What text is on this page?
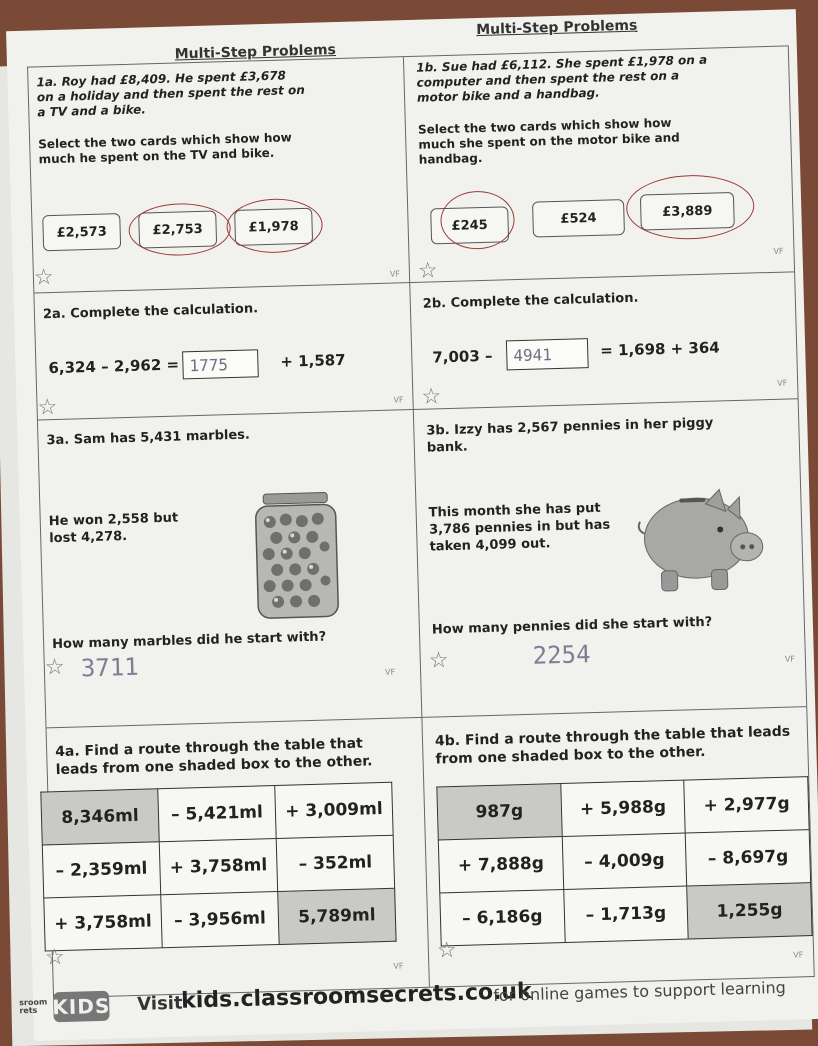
Multi-Step Problems
Multi-Step Problems
1a. Roy had £8,409. He spent £3,678 on a holiday and then spent the rest on a TV and a bike.
Select the two cards which show how much he spent on the TV and bike.
£2,573	£2,753	£1,978
☆	VF
1b. Sue had £6,112. She spent £1,978 on a computer and then spent the rest on a motor bike and a handbag.
Select the two cards which show how much she spent on the motor bike and handbag.
£245	£524	£3,889
☆
VF
2a. Complete the calculation.
6,324 – 2,962 = 1775	+ 1,587
☆	VF
2b. Complete the calculation.
7,003 –	4941	= 1,698 + 364
☆
VF
3a. Sam has 5,431 marbles.
He won 2,558 but lost 4,278.
How many marbles did he start with?
3711
☆	VF
3b. Izzy has 2,567 pennies in her piggy bank.
This month she has put 3,786 pennies in but has taken 4,099 out.
How many pennies did she start with?
2254
☆	VF
4a. Find a route through the table that leads from one shaded box to the other.
8,346ml	– 5,421ml	+ 3,009ml
– 2,359ml	+ 3,758ml	– 352ml
+ 3,758ml	– 3,956ml	5,789ml
☆	VF
4b. Find a route through the table that leads from one shaded box to the other.
987g	+ 5,988g	+ 2,977g
+ 7,888g	– 4,009g	– 8,697g
– 6,186g	– 1,713g	1,255g
☆	VF
sroom
rets KIDS Visit
kids.classroomsecrets.co.uk
for online games to support learning
